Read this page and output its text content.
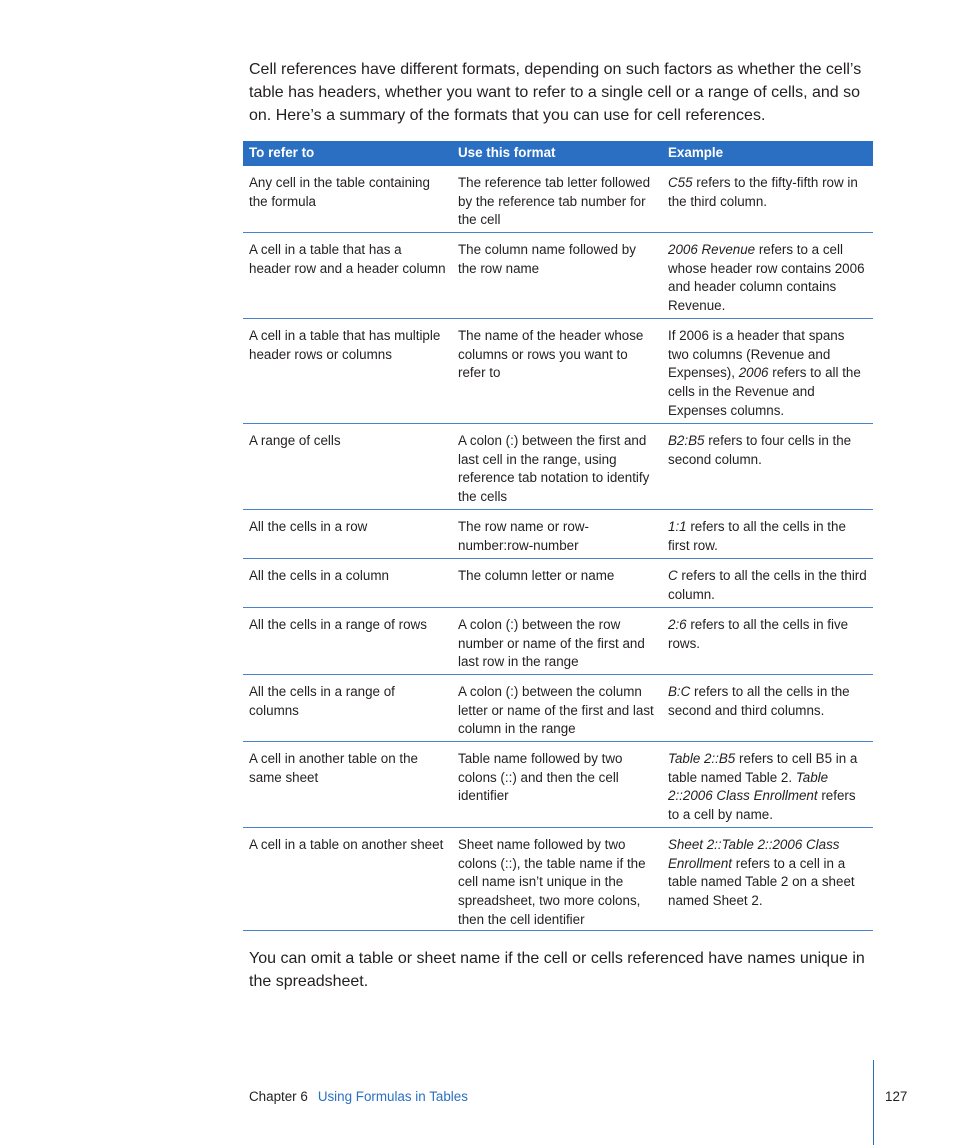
Cell references have different formats, depending on such factors as whether the cell’s table has headers, whether you want to refer to a single cell or a range of cells, and so on. Here’s a summary of the formats that you can use for cell references.

To refer to	Use this format	Example
Any cell in the table containing the formula	The reference tab letter followed by the reference tab number for the cell	C55 refers to the fifty-fifth row in the third column.
A cell in a table that has a header row and a header column	The column name followed by the row name	2006 Revenue refers to a cell whose header row contains 2006 and header column contains Revenue.
A cell in a table that has multiple header rows or columns	The name of the header whose columns or rows you want to refer to	If 2006 is a header that spans two columns (Revenue and Expenses), 2006 refers to all the cells in the Revenue and Expenses columns.
A range of cells	A colon (:) between the first and last cell in the range, using reference tab notation to identify the cells	B2:B5 refers to four cells in the second column.
All the cells in a row	The row name or row-number:row-number	1:1 refers to all the cells in the first row.
All the cells in a column	The column letter or name	C refers to all the cells in the third column.
All the cells in a range of rows	A colon (:) between the row number or name of the first and last row in the range	2:6 refers to all the cells in five rows.
All the cells in a range of columns	A colon (:) between the column letter or name of the first and last column in the range	B:C refers to all the cells in the second and third columns.
A cell in another table on the same sheet	Table name followed by two colons (::) and then the cell identifier	Table 2::B5 refers to cell B5 in a table named Table 2. Table 2::2006 Class Enrollment refers to a cell by name.
A cell in a table on another sheet	Sheet name followed by two colons (::), the table name if the cell name isn’t unique in the spreadsheet, two more colons, then the cell identifier	Sheet 2::Table 2::2006 Class Enrollment refers to a cell in a table named Table 2 on a sheet named Sheet 2.

You can omit a table or sheet name if the cell or cells referenced have names unique in the spreadsheet.

Chapter 6 Using Formulas in Tables	127
